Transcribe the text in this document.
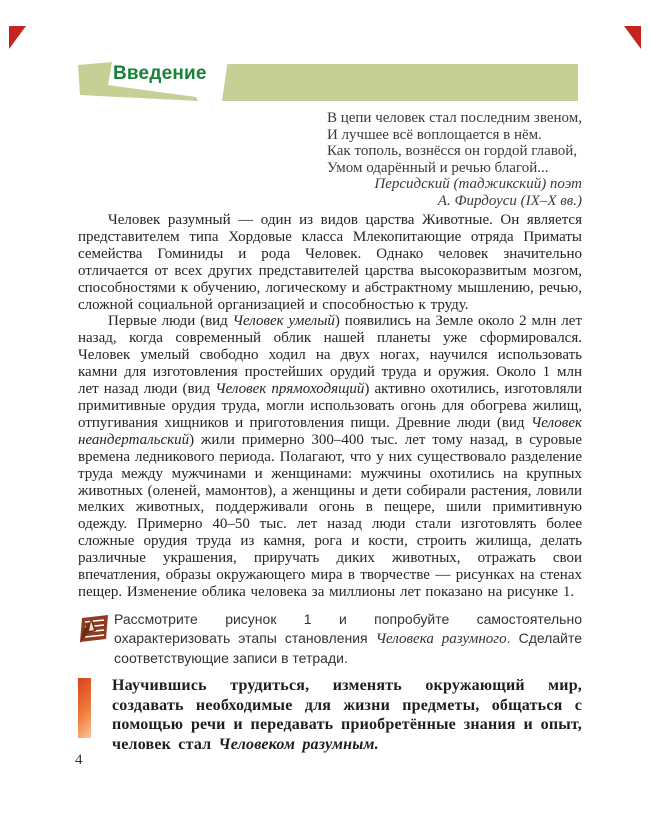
Введение
В цепи человек стал последним звеном,
И лучшее всё воплощается в нём.
Как тополь, вознёсся он гордой главой,
Умом одарённый и речью благой...
Персидский (таджикский) поэт
А. Фирдоуси (IX–X вв.)

Человек разумный — один из видов царства Животные. Он является представителем типа Хордовые класса Млекопитающие отряда Приматы семейства Гоминиды и рода Человек. Однако человек значительно отличается от всех других представителей царства высокоразвитым мозгом, способностями к обучению, логическому и абстрактному мышлению, речью, сложной социальной организацией и способностью к труду.

Первые люди (вид Человек умелый) появились на Земле около 2 млн лет назад, когда современный облик нашей планеты уже сформировался. Человек умелый свободно ходил на двух ногах, научился использовать камни для изготовления простейших орудий труда и оружия. Около 1 млн лет назад люди (вид Человек прямоходящий) активно охотились, изготовляли примитивные орудия труда, могли использовать огонь для обогрева жилищ, отпугивания хищников и приготовления пищи. Древние люди (вид Человек неандертальский) жили примерно 300–400 тыс. лет тому назад, в суровые времена ледникового периода. Полагают, что у них существовало разделение труда между мужчинами и женщинами: мужчины охотились на крупных животных (оленей, мамонтов), а женщины и дети собирали растения, ловили мелких животных, поддерживали огонь в пещере, шили примитивную одежду. Примерно 40–50 тыс. лет назад люди стали изготовлять более сложные орудия труда из камня, рога и кости, строить жилища, делать различные украшения, приручать диких животных, отражать свои впечатления, образы окружающего мира в творчестве — рисунках на стенах пещер. Изменение облика человека за миллионы лет показано на рисунке 1.

Рассмотрите рисунок 1 и попробуйте самостоятельно охарактеризовать этапы становления Человека разумного. Сделайте соответствующие записи в тетради.
Научившись трудиться, изменять окружающий мир, создавать необходимые для жизни предметы, общаться с помощью речи и передавать приобретённые знания и опыт, человек стал Человеком разумным.
4
